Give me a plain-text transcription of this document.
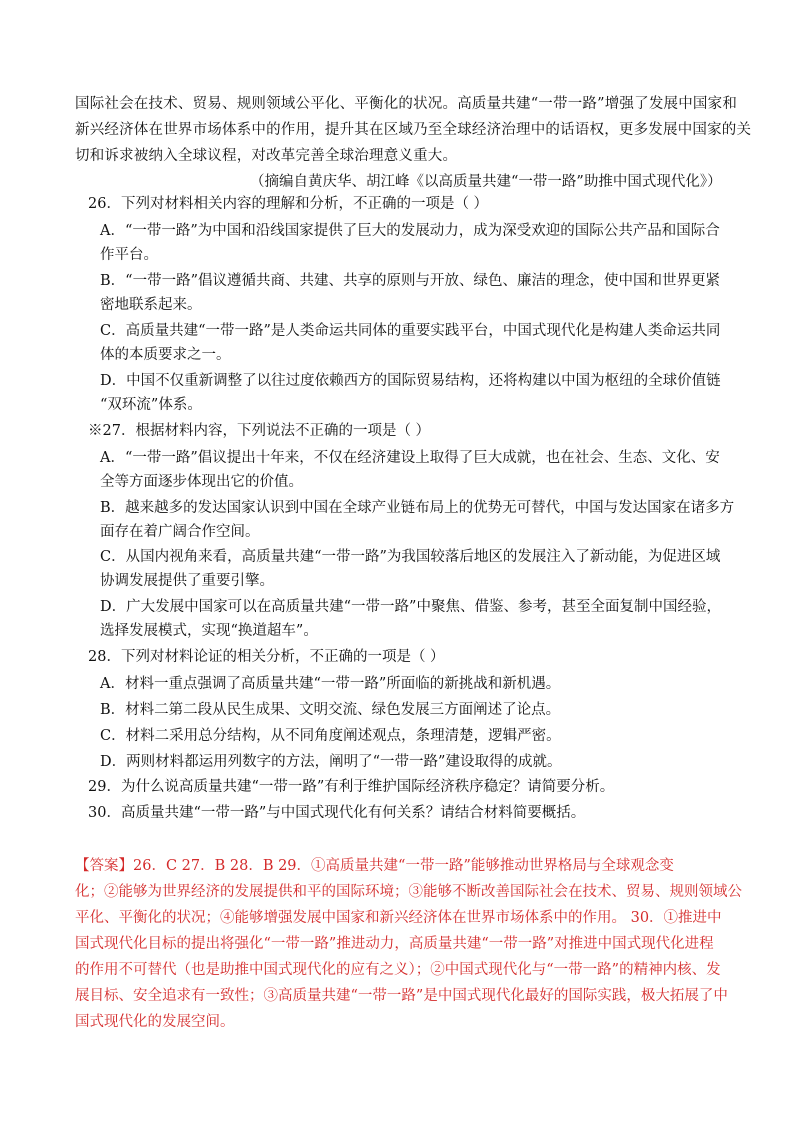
国际社会在技术、贸易、规则领域公平化、平衡化的状况。高质量共建“一带一路”增强了发展中国家和
新兴经济体在世界市场体系中的作用，提升其在区域乃至全球经济治理中的话语权，更多发展中国家的关
切和诉求被纳入全球议程，对改革完善全球治理意义重大。
（摘编自黄庆华、胡江峰《以高质量共建“一带一路”助推中国式现代化》）
26．下列对材料相关内容的理解和分析，不正确的一项是（ ）
A．“一带一路”为中国和沿线国家提供了巨大的发展动力，成为深受欢迎的国际公共产品和国际合
作平台。
B．“一带一路”倡议遵循共商、共建、共享的原则与开放、绿色、廉洁的理念，使中国和世界更紧
密地联系起来。
C．高质量共建“一带一路”是人类命运共同体的重要实践平台，中国式现代化是构建人类命运共同
体的本质要求之一。
D．中国不仅重新调整了以往过度依赖西方的国际贸易结构，还将构建以中国为枢纽的全球价值链
“双环流”体系。
※27．根据材料内容，下列说法不正确的一项是（ ）
A．“一带一路”倡议提出十年来，不仅在经济建设上取得了巨大成就，也在社会、生态、文化、安
全等方面逐步体现出它的价值。
B．越来越多的发达国家认识到中国在全球产业链布局上的优势无可替代，中国与发达国家在诸多方
面存在着广阔合作空间。
C．从国内视角来看，高质量共建“一带一路”为我国较落后地区的发展注入了新动能，为促进区域
协调发展提供了重要引擎。
D．广大发展中国家可以在高质量共建“一带一路”中聚焦、借鉴、参考，甚至全面复制中国经验，
选择发展模式，实现“换道超车”。
28．下列对材料论证的相关分析，不正确的一项是（ ）
A．材料一重点强调了高质量共建“一带一路”所面临的新挑战和新机遇。
B．材料二第二段从民生成果、文明交流、绿色发展三方面阐述了论点。
C．材料二采用总分结构，从不同角度阐述观点，条理清楚，逻辑严密。
D．两则材料都运用列数字的方法，阐明了“一带一路”建设取得的成就。
29．为什么说高质量共建“一带一路”有利于维护国际经济秩序稳定？请简要分析。
30．高质量共建“一带一路”与中国式现代化有何关系？请结合材料简要概括。
【答案】26．C 27．B 28．B 29．①高质量共建“一带一路”能够推动世界格局与全球观念变
化；②能够为世界经济的发展提供和平的国际环境；③能够不断改善国际社会在技术、贸易、规则领域公
平化、平衡化的状况；④能够增强发展中国家和新兴经济体在世界市场体系中的作用。 30．①推进中
国式现代化目标的提出将强化“一带一路”推进动力，高质量共建“一带一路”对推进中国式现代化进程
的作用不可替代（也是助推中国式现代化的应有之义）；②中国式现代化与“一带一路”的精神内核、发
展目标、安全追求有一致性；③高质量共建“一带一路”是中国式现代化最好的国际实践，极大拓展了中
国式现代化的发展空间。
